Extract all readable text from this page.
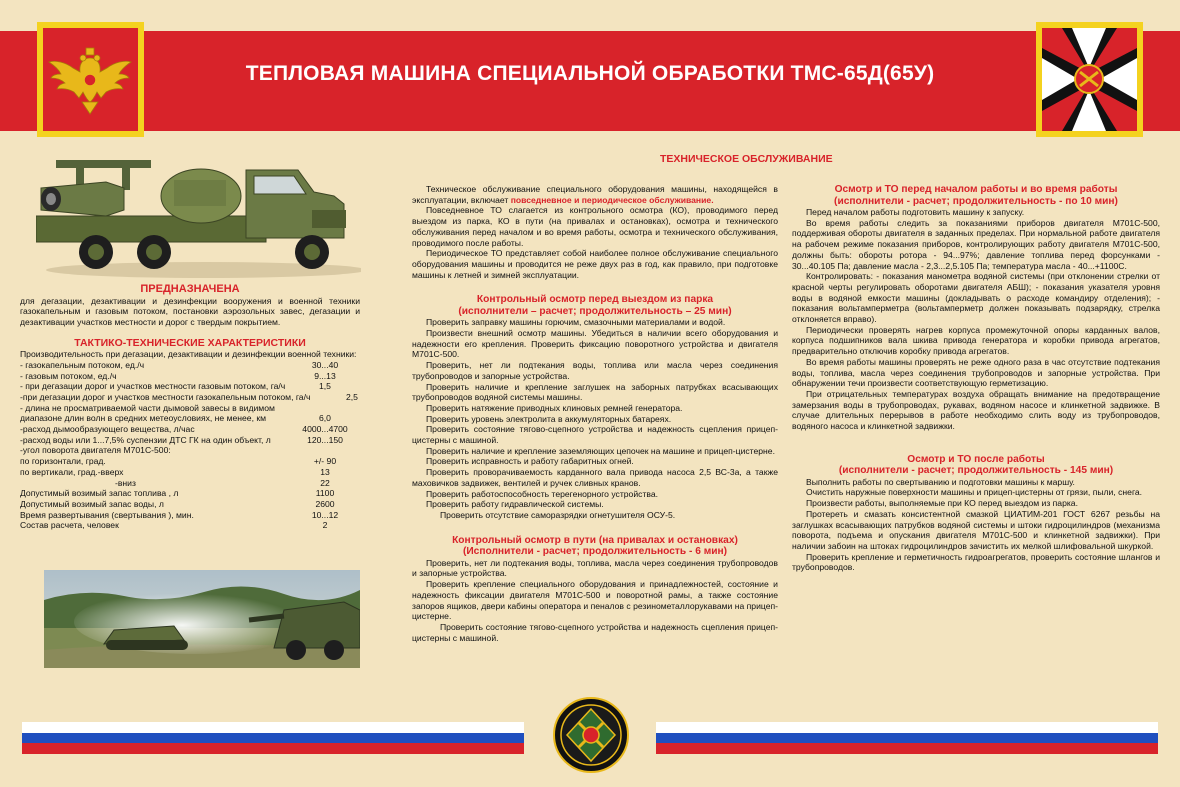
ТЕПЛОВАЯ МАШИНА СПЕЦИАЛЬНОЙ ОБРАБОТКИ ТМС-65Д(65У)

ПРЕДНАЗНАЧЕНА

для дегазации, дезактивации и дезинфекции вооружения и военной техники газокапельным и газовым потоком, постановки аэрозольных завес, дегазации и дезактивации участков местности и дорог с твердым покрытием.

ТАКТИКО-ТЕХНИЧЕСКИЕ ХАРАКТЕРИСТИКИ

Производительность при дегазации, дезактивации и дезинфекции военной техники:

- газокапельным потоком, ед./ч	30...40
- газовым потоком, ед./ч	9...13
- при дегазации дорог и участков местности газовым потоком, га/ч	1,5
-при дегазации дорог и участков местности газокапельным потоком, га/ч	2,5
- длина не просматриваемой части дымовой завесы в видимом диапазоне длин волн в средних метеоусловиях, не менее, км	6,0
-расход дымообразующего вещества, л/час	4000...4700
-расход воды или 1...7,5% суспензии ДТС ГК на один объект, л	120...150
-угол поворота двигателя М701С-500:
по горизонтали, град.	+/- 90
по вертикали, град.-вверх	13
-вниз	22
Допустимый возимый запас топлива , л	1100
Допустимый возимый запас воды, л	2600
Время развертывания (свертывания ), мин.	10...12
Состав расчета, человек	2

ТЕХНИЧЕСКОЕ ОБСЛУЖИВАНИЕ

Техническое обслуживание специального оборудования машины, находящейся в эксплуатации, включает повседневное и периодическое обслуживание.

Повседневное ТО слагается из контрольного осмотра (КО), проводимого перед выездом из парка, КО в пути (на привалах и остановках), осмотра и технического обслуживания перед началом и во время работы, осмотра и технического обслуживания, проводимого после работы.

Периодическое ТО представляет собой наиболее полное обслуживание специального оборудования машины и проводится не реже двух раз в год, как правило, при подготовке машины к летней и зимней эксплуатации.

Контрольный осмотр перед выездом из парка

(исполнители – расчет; продолжительность – 25 мин)

Проверить заправку машины горючим, смазочными материалами и водой.

Произвести внешний осмотр машины. Убедиться в наличии всего оборудования и надежности его крепления. Проверить фиксацию поворотного устройства и двигателя М701С-500.

Проверить, нет ли подтекания воды, топлива или масла через соединения трубопроводов и запорные устройства.

Проверить наличие и крепление заглушек на заборных патрубках всасывающих трубопроводов водяной системы машины.

Проверить натяжение приводных клиновых ремней генератора.

Проверить уровень электролита в аккумуляторных батареях.

Проверить состояние тягово-сцепного устройства и надежность сцепления прицеп-цистерны с машиной.

Проверить наличие и крепление заземляющих цепочек на машине и прицеп-цистерне.

Проверить исправность и работу габаритных огней.

Проверить проворачиваемость карданного вала привода насоса 2,5 ВС-3а, а также маховичков задвижек, вентилей и ручек сливных кранов.

Проверить работоспособность терегенорного устройства.

Проверить работу гидравлической системы.

Проверить отсутствие саморазрядки огнетушителя ОСУ-5.

Контрольный осмотр в пути (на привалах и остановках)

(Исполнители - расчет; продолжительность - 6 мин)

Проверить, нет ли подтекания воды, топлива, масла через соединения трубопроводов и запорные устройства.

Проверить крепление специального оборудования и принадлежностей, состояние и надежность фиксации двигателя М701С-500 и поворотной рамы, а также состояние запоров ящиков, двери кабины оператора и пеналов с резинометаллорукавами на прицеп-цистерне.

Проверить состояние тягово-сцепного устройства и надежность сцепления прицеп-цистерны с машиной.

Осмотр и ТО перед началом работы и во время работы

(исполнители - расчет; продолжительность - по 10 мин)

Перед началом работы подготовить машину к запуску.

Во время работы следить за показаниями приборов двигателя М701С-500, поддерживая обороты двигателя в заданных пределах. При нормальной работе двигателя на рабочем режиме показания приборов, контролирующих работу двигателя М701С-500, должны быть: обороты ротора - 94...97%; давление топлива перед форсунками - 30...40.105 Па; давление масла - 2,3...2,5.105 Па; температура масла - 40...+1100С.

Контролировать: - показания манометра водяной системы (при отклонении стрелки от красной черты регулировать оборотами двигателя АБШ); - показания указателя уровня воды в водяной емкости машины (докладывать о расходе командиру отделения); - показания вольтамперметра (вольтамперметр должен показывать подзарядку, стрелка отклоняется вправо).

Периодически проверять нагрев корпуса промежуточной опоры карданных валов, корпуса подшипников вала шкива привода генератора и коробки привода агрегатов, предварительно отключив коробку привода агрегатов.

Во время работы машины проверять не реже одного раза в час отсутствие подтекания воды, топлива, масла через соединения трубопроводов и запорные устройства. При обнаружении течи произвести соответствующую герметизацию.

При отрицательных температурах воздуха обращать внимание на предотвращение замерзания воды в трубопроводах, рукавах, водяном насосе и клинкетной задвижке. В случае длительных перерывов в работе необходимо слить воду из трубопроводов, водяного насоса и клинкетной задвижки.

Осмотр и ТО после работы

(исполнители - расчет; продолжительность - 145 мин)

Выполнить работы по свертыванию и подготовки машины к маршу.

Очистить наружные поверхности машины и прицеп-цистерны от грязи, пыли, снега.

Произвести работы, выполняемые при КО перед выездом из парка.

Протереть и смазать консистентной смазкой ЦИАТИМ-201 ГОСТ 6267 резьбы на заглушках всасывающих патрубков водяной системы и штоки гидроцилиндров (механизма поворота, подъема и опускания двигателя М701С-500 и клинкетной задвижки). При наличии забоин на штоках гидроцилиндров зачистить их мелкой шлифовальной шкуркой.

Проверить крепление и герметичность гидроагрегатов, проверить состояние шлангов и трубопроводов.
